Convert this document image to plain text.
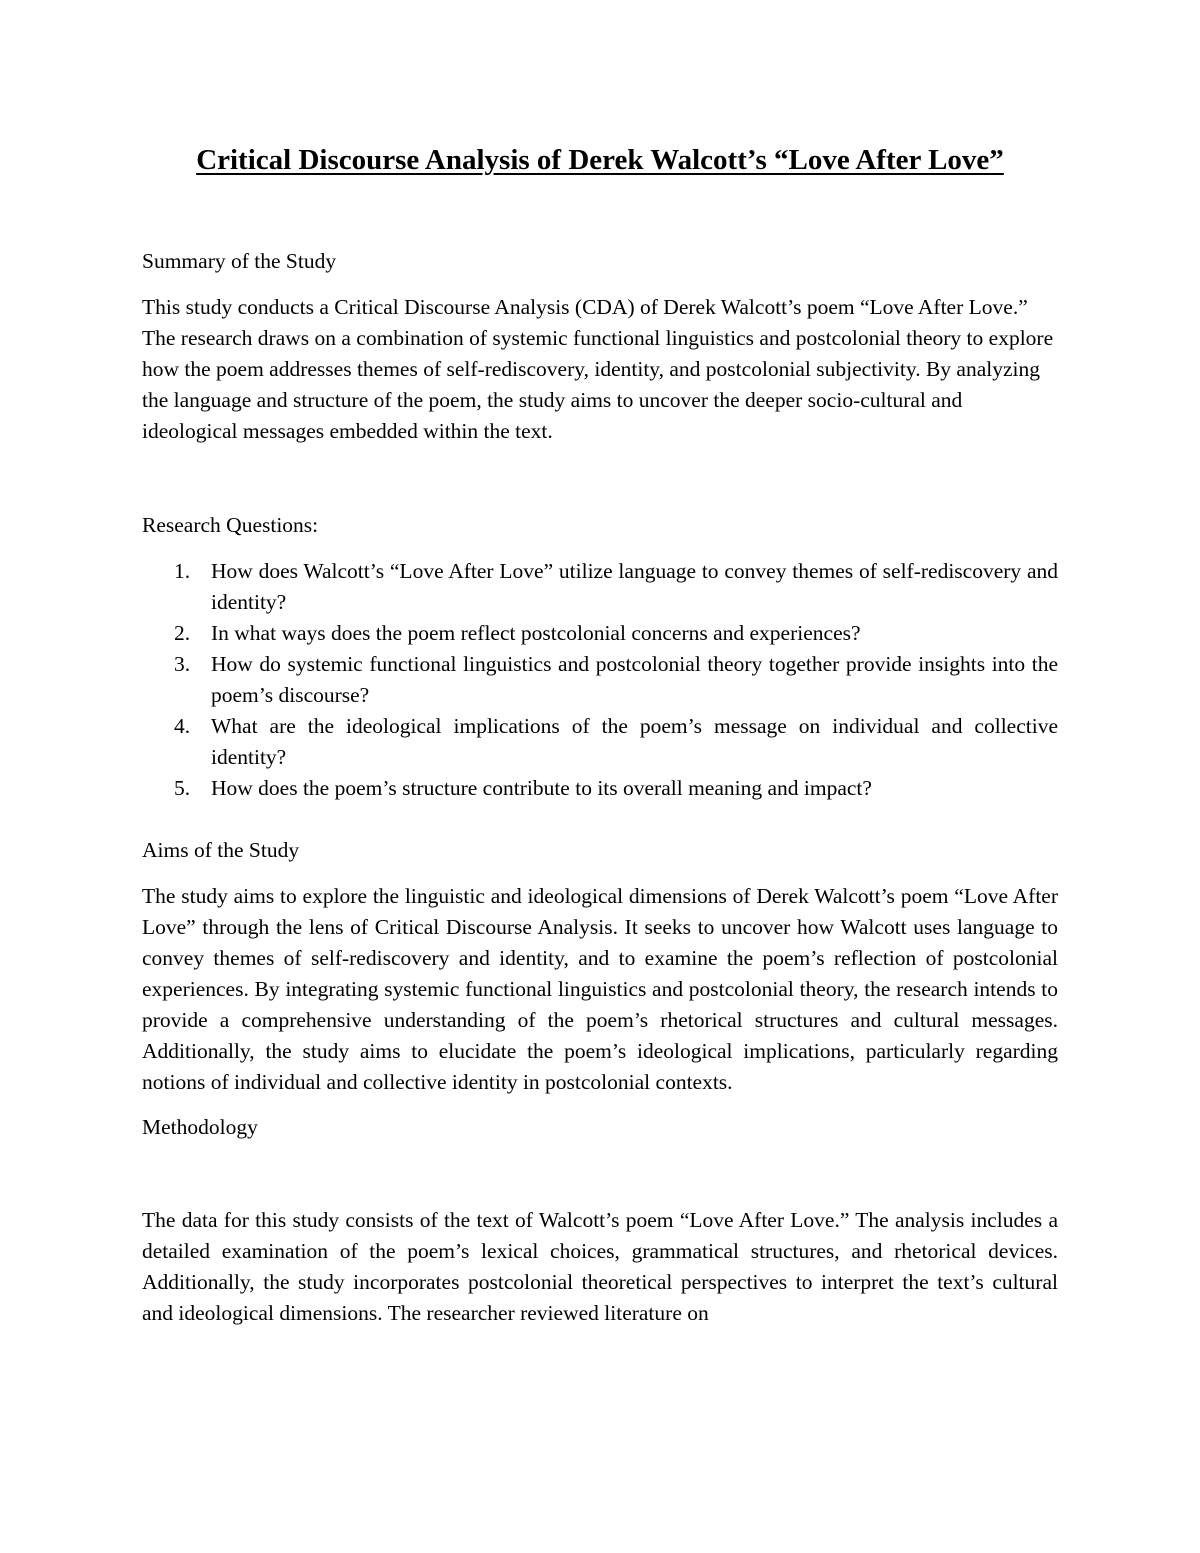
Critical Discourse Analysis of Derek Walcott’s “Love After Love”

Summary of the Study

This study conducts a Critical Discourse Analysis (CDA) of Derek Walcott’s poem “Love After Love.” The research draws on a combination of systemic functional linguistics and postcolonial theory to explore how the poem addresses themes of self-rediscovery, identity, and postcolonial subjectivity. By analyzing the language and structure of the poem, the study aims to uncover the deeper socio-cultural and ideological messages embedded within the text.

Research Questions:

1. How does Walcott’s “Love After Love” utilize language to convey themes of self-rediscovery and identity?
2. In what ways does the poem reflect postcolonial concerns and experiences?
3. How do systemic functional linguistics and postcolonial theory together provide insights into the poem’s discourse?
4. What are the ideological implications of the poem’s message on individual and collective identity?
5. How does the poem’s structure contribute to its overall meaning and impact?

Aims of the Study

The study aims to explore the linguistic and ideological dimensions of Derek Walcott’s poem “Love After Love” through the lens of Critical Discourse Analysis. It seeks to uncover how Walcott uses language to convey themes of self-rediscovery and identity, and to examine the poem’s reflection of postcolonial experiences. By integrating systemic functional linguistics and postcolonial theory, the research intends to provide a comprehensive understanding of the poem’s rhetorical structures and cultural messages. Additionally, the study aims to elucidate the poem’s ideological implications, particularly regarding notions of individual and collective identity in postcolonial contexts.

Methodology

The data for this study consists of the text of Walcott’s poem “Love After Love.” The analysis includes a detailed examination of the poem’s lexical choices, grammatical structures, and rhetorical devices. Additionally, the study incorporates postcolonial theoretical perspectives to interpret the text’s cultural and ideological dimensions. The researcher reviewed literature on
